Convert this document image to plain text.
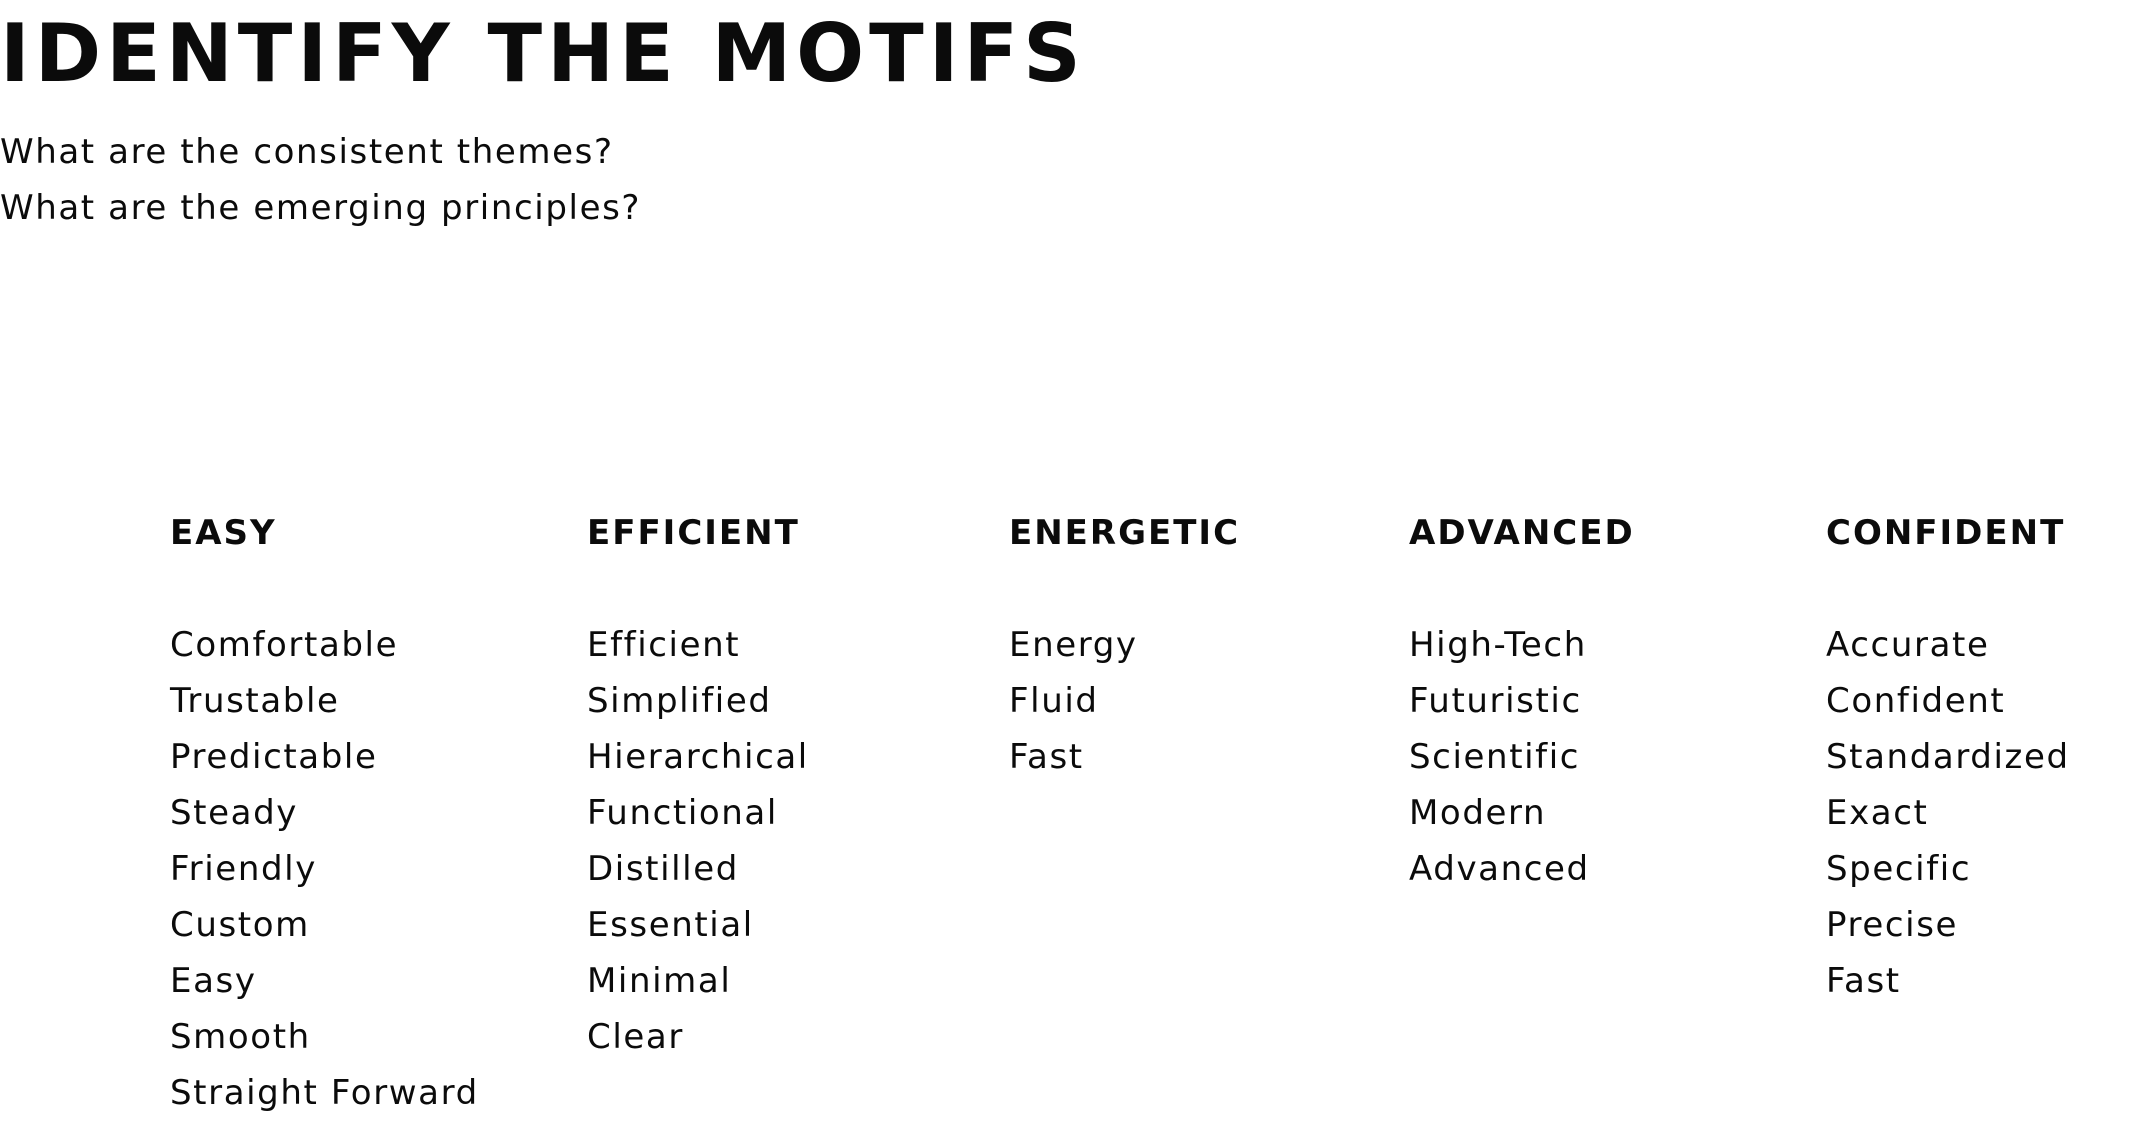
IDENTIFY THE MOTIFS

What are the consistent themes?
What are the emerging principles?

EASY
Comfortable
Trustable
Predictable
Steady
Friendly
Custom
Easy
Smooth
Straight Forward
EFFICIENT
Efficient
Simplified
Hierarchical
Functional
Distilled
Essential
Minimal
Clear
ENERGETIC
Energy
Fluid
Fast
ADVANCED
High-Tech
Futuristic
Scientific
Modern
Advanced
CONFIDENT
Accurate
Confident
Standardized
Exact
Specific
Precise
Fast
